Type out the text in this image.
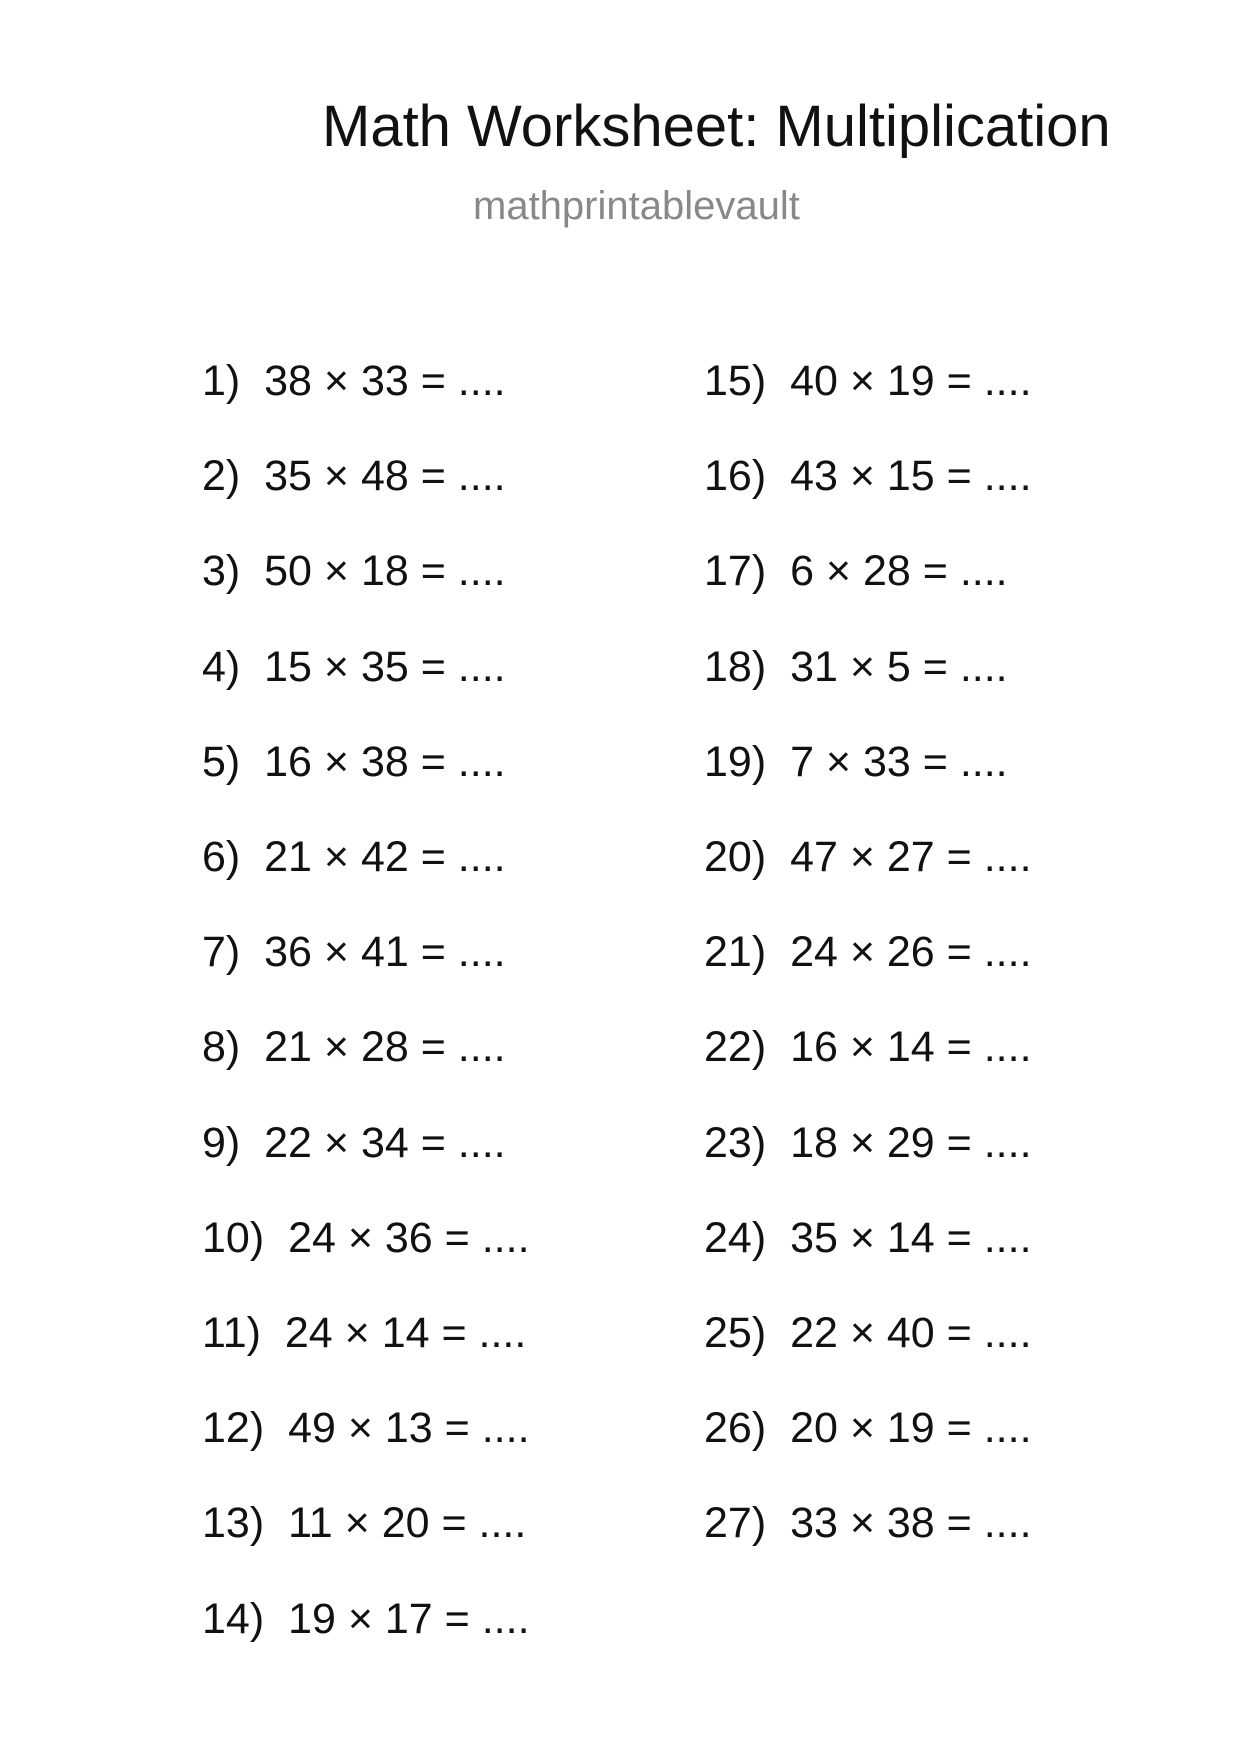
Math Worksheet: Multiplication
mathprintablevault
1) 38 × 33 = ....
2) 35 × 48 = ....
3) 50 × 18 = ....
4) 15 × 35 = ....
5) 16 × 38 = ....
6) 21 × 42 = ....
7) 36 × 41 = ....
8) 21 × 28 = ....
9) 22 × 34 = ....
10) 24 × 36 = ....
11) 24 × 14 = ....
12) 49 × 13 = ....
13) 11 × 20 = ....
14) 19 × 17 = ....
15) 40 × 19 = ....
16) 43 × 15 = ....
17) 6 × 28 = ....
18) 31 × 5 = ....
19) 7 × 33 = ....
20) 47 × 27 = ....
21) 24 × 26 = ....
22) 16 × 14 = ....
23) 18 × 29 = ....
24) 35 × 14 = ....
25) 22 × 40 = ....
26) 20 × 19 = ....
27) 33 × 38 = ....
